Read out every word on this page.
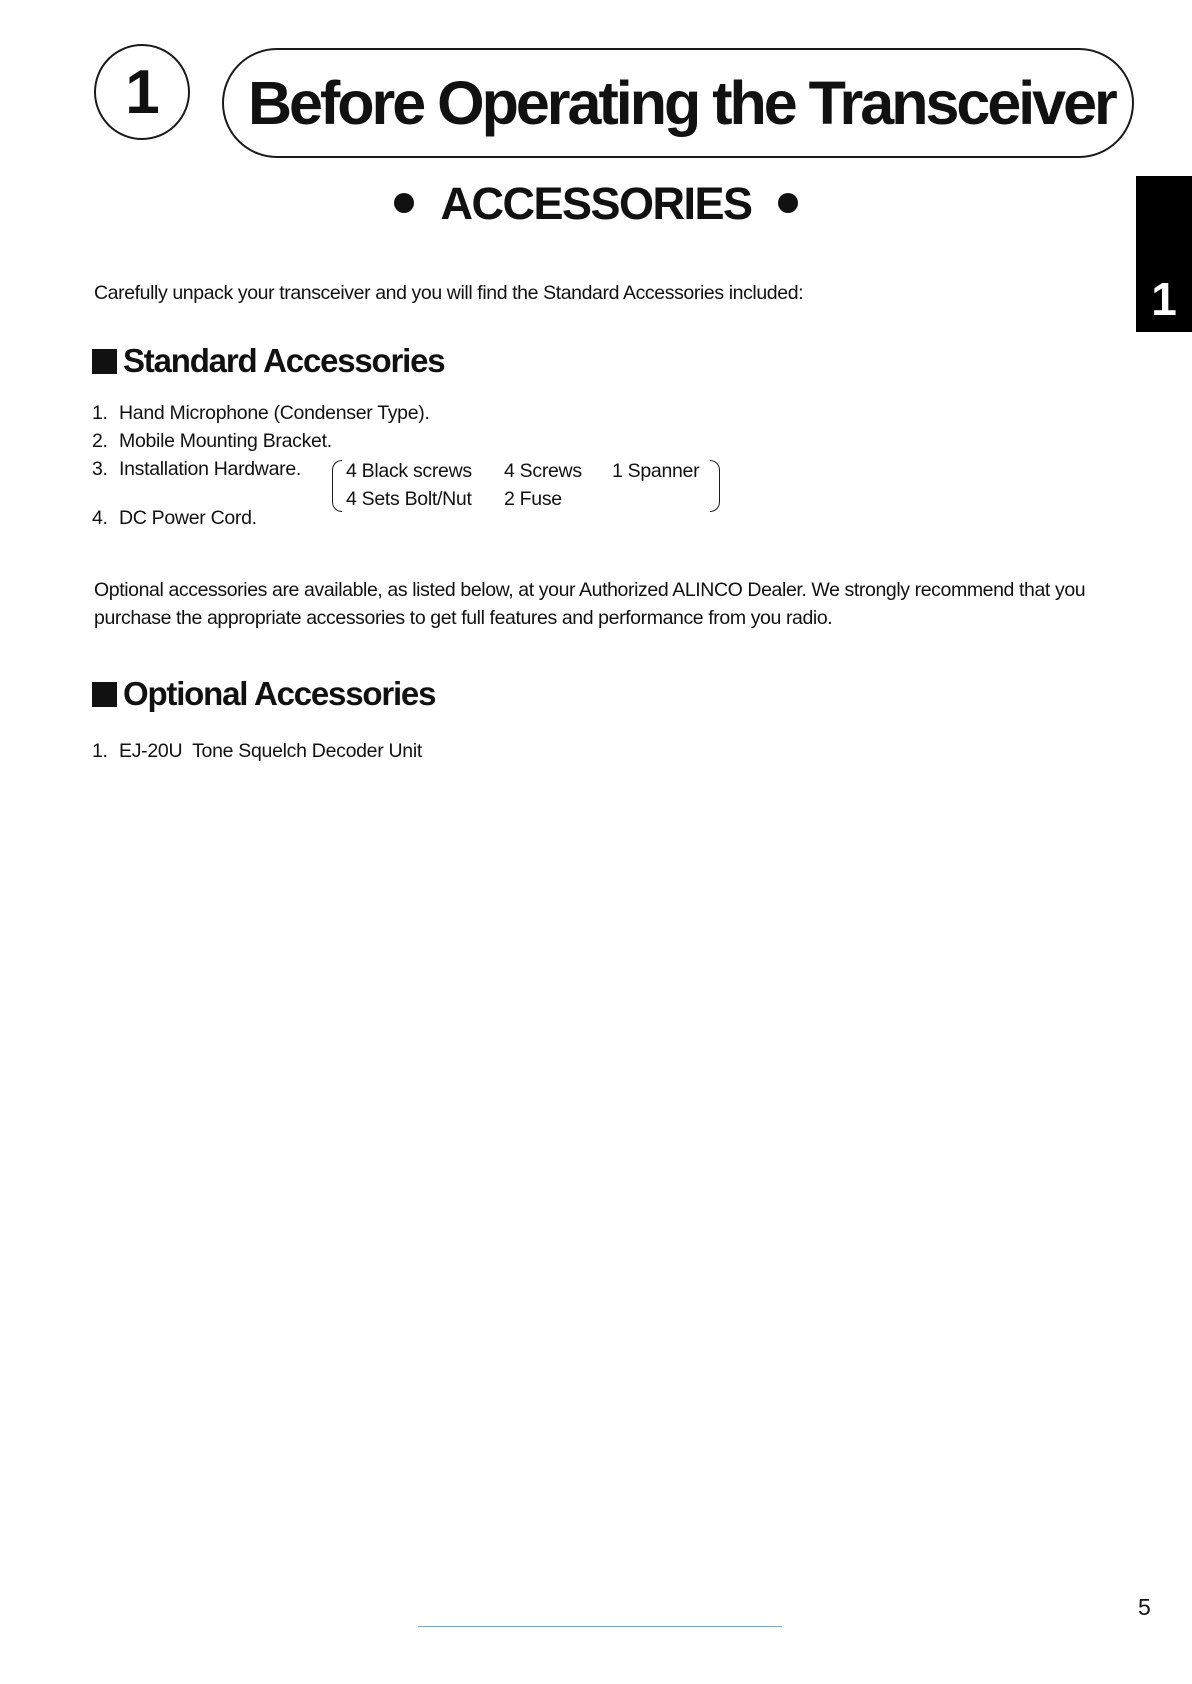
1 Before Operating the Transceiver
ACCESSORIES
1

Carefully unpack your transceiver and you will find the Standard Accessories included:

Standard Accessories
1. Hand Microphone (Condenser Type).
2. Mobile Mounting Bracket.
3. Installation Hardware.
4. DC Power Cord.
4 Black screws 4 Screws 1 Spanner
4 Sets Bolt/Nut 2 Fuse

Optional accessories are available, as listed below, at your Authorized ALINCO Dealer. We strongly recommend that you purchase the appropriate accessories to get full features and performance from you radio.

Optional Accessories
1. EJ-20U  Tone Squelch Decoder Unit
5
